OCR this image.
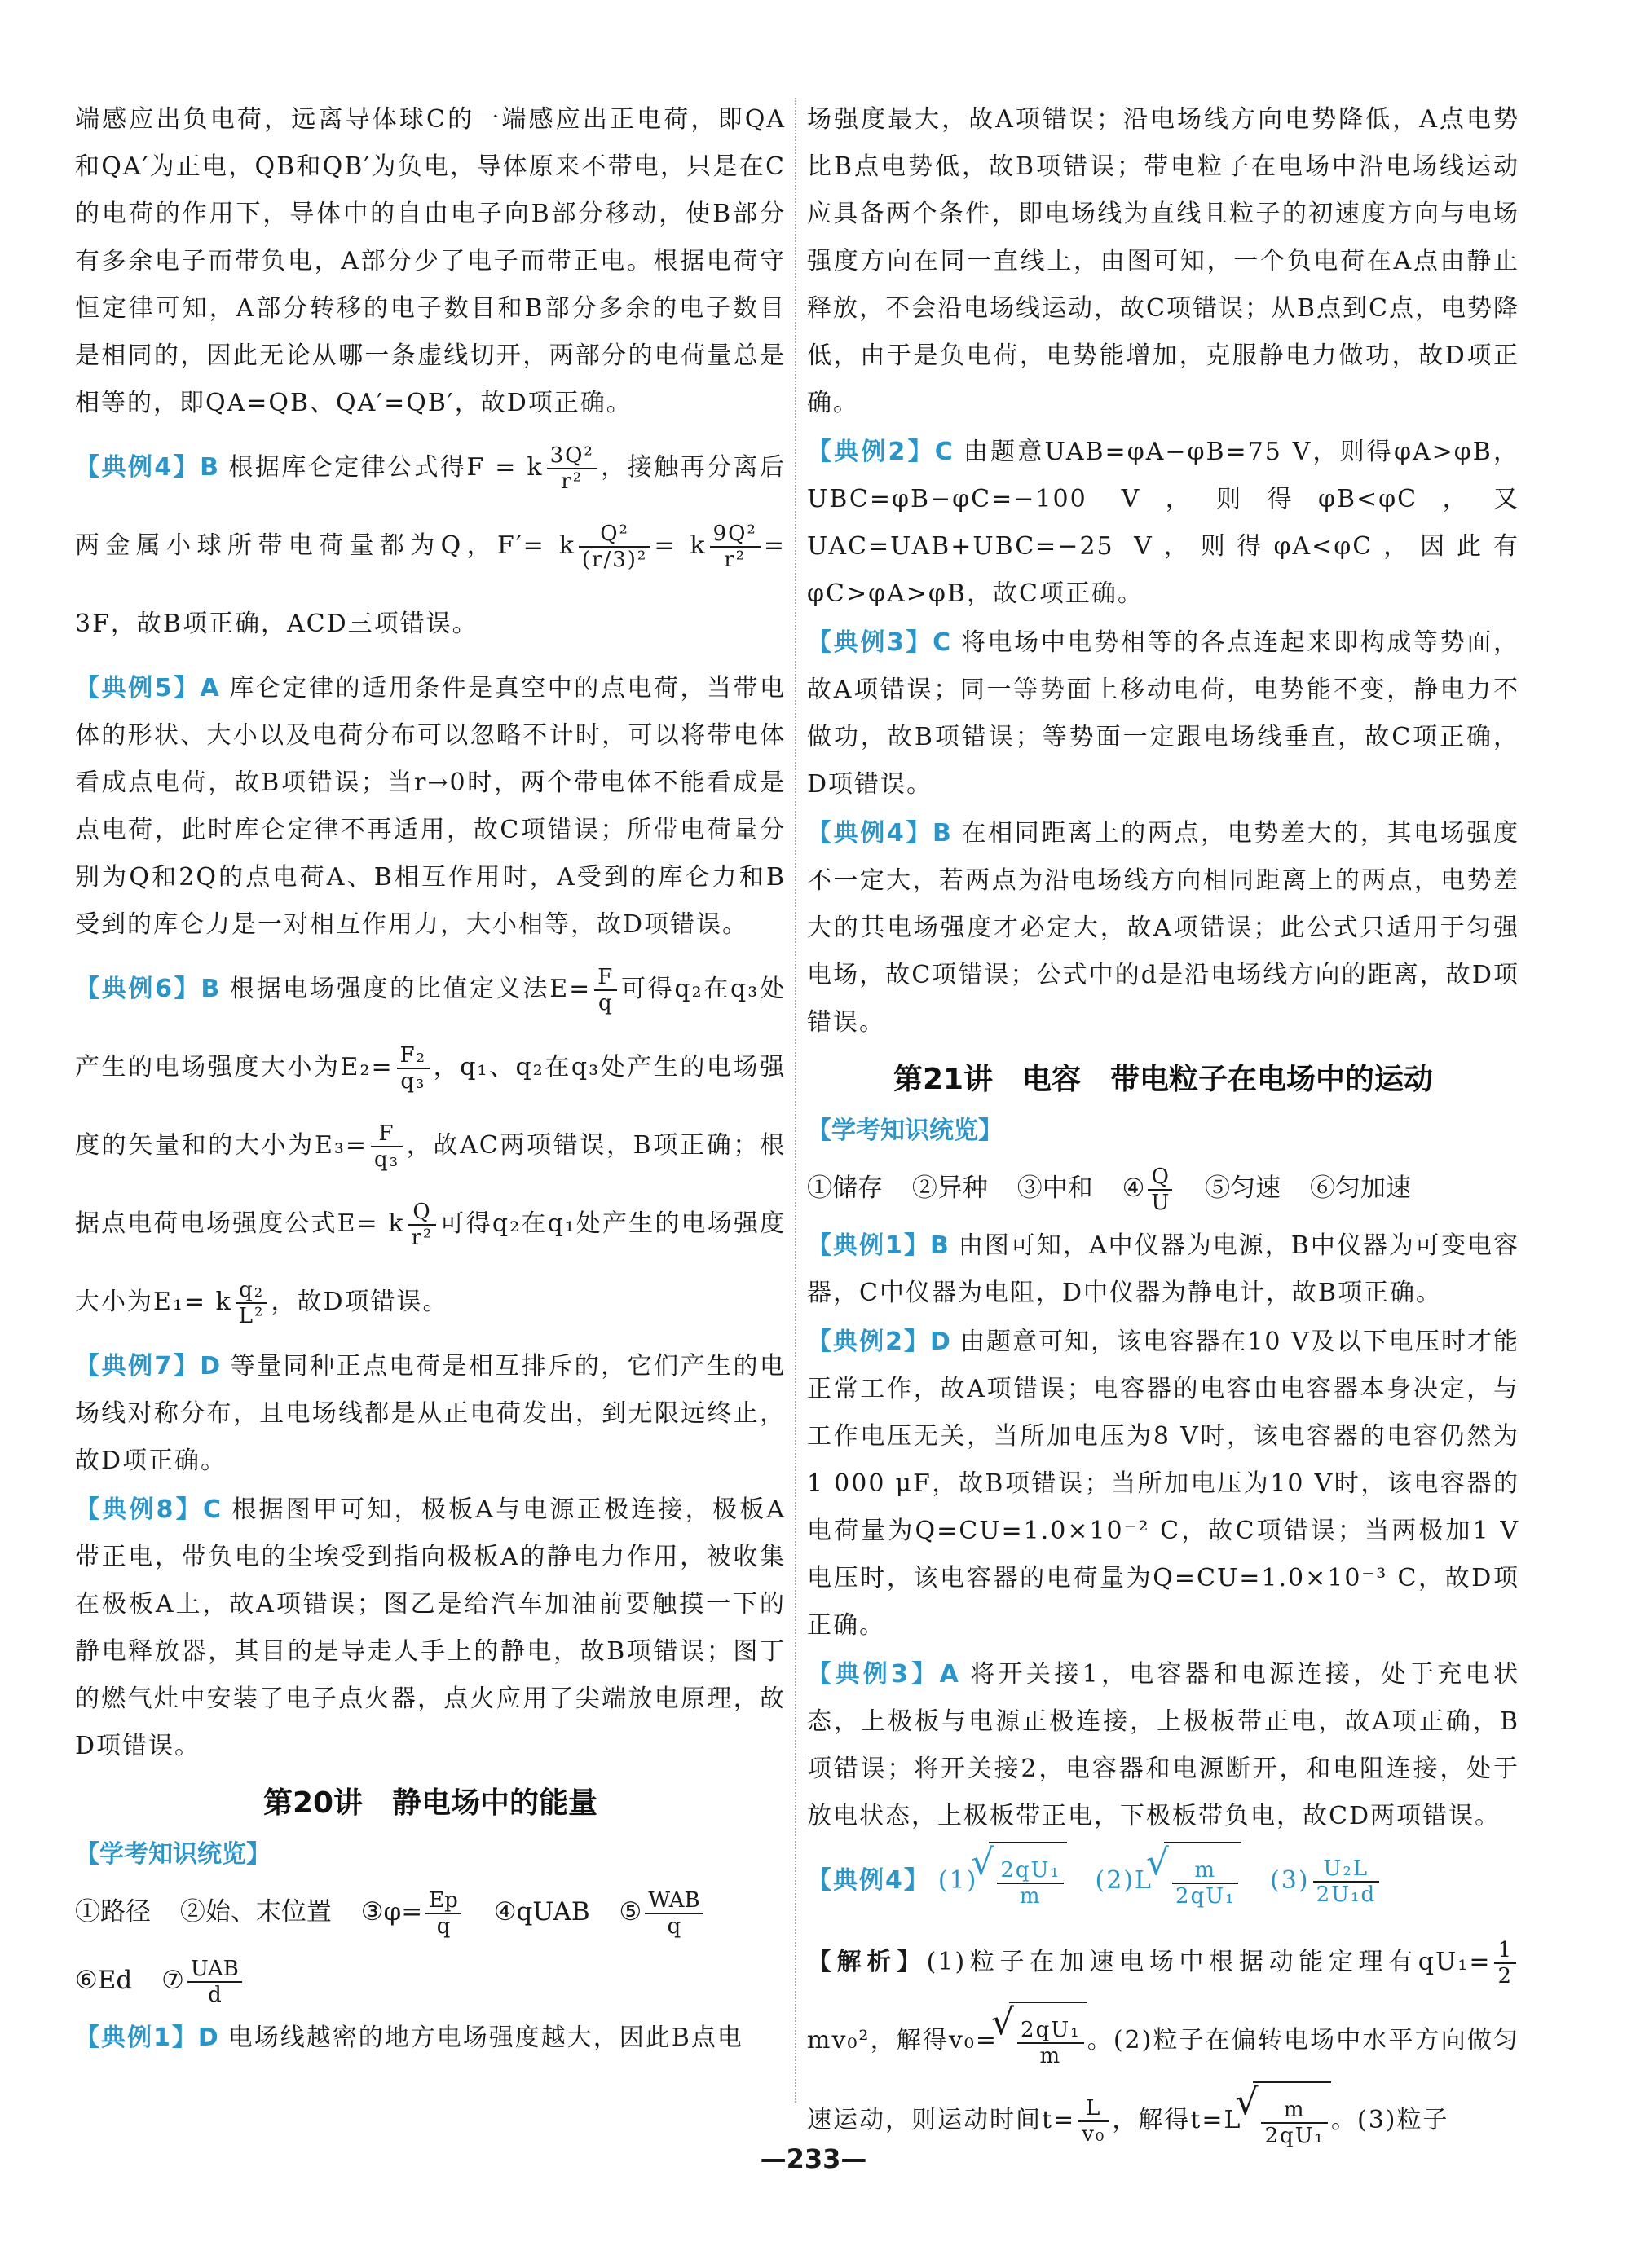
端感应出负电荷，远离导体球C的一端感应出正电荷，即QA和QA′为正电，QB和QB′为负电，导体原来不带电，只是在C的电荷的作用下，导体中的自由电子向B部分移动，使B部分有多余电子而带负电，A部分少了电子而带正电。根据电荷守恒定律可知，A部分转移的电子数目和B部分多余的电子数目是相同的，因此无论从哪一条虚线切开，两部分的电荷量总是相等的，即QA=QB、QA′=QB′，故D项正确。

【典例4】B 根据库仑定律公式得F = k $\frac{\text{3Q²}}{\text{r²}}$ ，接触再分离后两金属小球所带电荷量都为Q，F′= k $\frac{\text{Q²}}{\text{(r/3)²}} = k \frac{\text{9Q²}}{\text{r²}} = 3F$，故B项正确，ACD三项错误。

【典例5】A 库仑定律的适用条件是真空中的点电荷，当带电体的形状、大小以及电荷分布可以忽略不计时，可以将带电体看成点电荷，故B项错误；当r→0时，两个带电体不能看成是点电荷，此时库仑定律不再适用，故C项错误；所带电荷量分别为Q和2Q的点电荷A、B相互作用时，A受到的库仑力和B受到的库仑力是一对相互作用力，大小相等，故D项错误。

【典例6】B 根据电场强度的比值定义法$E= \frac{F}{q}$ 可得q₂在q₃处产生的电场强度大小为$E_2= \frac{\text{F₂}}{\text{q₃}}$ ，q₁、q₂在q₃处产生的电场强度的矢量和的大小为$E_3= \frac{F}{\text{q₃}}$ ，故AC两项错误，B项正确；根据点电荷电场强度公式E= k $\frac{Q}{\text{r²}}$ 可得q₂在q₁处产生的电场强度大小为E₁= k $\frac{\text{q₂}}{\text{L²}}$ ，故D项错误。

【典例7】D 等量同种正点电荷是相互排斥的，它们产生的电场线对称分布，且电场线都是从正电荷发出，到无限远终止，故D项正确。

【典例8】C 根据图甲可知，极板A与电源正极连接，极板A带正电，带负电的尘埃受到指向极板A的静电力作用，被收集在极板A上，故A项错误；图乙是给汽车加油前要触摸一下的静电释放器，其目的是导走人手上的静电，故B项错误；图丁的燃气灶中安装了电子点火器，点火应用了尖端放电原理，故D项错误。

第20讲　静电场中的能量
【学考知识统览】
①路径 ②始、末位置 ③φ= $\frac{Ep}{q}$ ④qUAB ⑤ $\frac{\text{WAB}}{q}$

⑥Ed ⑦ $\frac{\text{UAB}}{d}$

【典例1】D 电场线越密的地方电场强度越大，因此B点电

场强度最大，故A项错误；沿电场线方向电势降低，A点电势比B点电势低，故B项错误；带电粒子在电场中沿电场线运动应具备两个条件，即电场线为直线且粒子的初速度方向与电场强度方向在同一直线上，由图可知，一个负电荷在A点由静止释放，不会沿电场线运动，故C项错误；从B点到C点，电势降低，由于是负电荷，电势能增加，克服静电力做功，故D项正确。

【典例2】C 由题意UAB=φA−φB=75 V，则得φA>φB，UBC=φB−φC=−100 V，则得φB<φC，又UAC=UAB+UBC=−25 V，则得φA<φC，因此有φC>φA>φB，故C项正确。

【典例3】C 将电场中电势相等的各点连起来即构成等势面，故A项错误；同一等势面上移动电荷，电势能不变，静电力不做功，故B项错误；等势面一定跟电场线垂直，故C项正确，D项错误。

【典例4】B 在相同距离上的两点，电势差大的，其电场强度不一定大，若两点为沿电场线方向相同距离上的两点，电势差大的其电场强度才必定大，故A项错误；此公式只适用于匀强电场，故C项错误；公式中的d是沿电场线方向的距离，故D项错误。

第21讲　电容　带电粒子在电场中的运动
【学考知识统览】
①储存 ②异种 ③中和 ④ $\frac{Q}{U}$ ⑤匀速 ⑥匀加速

【典例1】B 由图可知，A中仪器为电源，B中仪器为可变电容器，C中仪器为电阻，D中仪器为静电计，故B项正确。

【典例2】D 由题意可知，该电容器在10 V及以下电压时才能正常工作，故A项错误；电容器的电容由电容器本身决定，与工作电压无关，当所加电压为8 V时，该电容器的电容仍然为1 000 μF，故B项错误；当所加电压为10 V时，该电容器的电荷量为Q=CU=1.0×10⁻² C，故C项错误；当两极加1 V电压时，该电容器的电荷量为Q=CU=1.0×10⁻³ C，故D项正确。

【典例3】A 将开关接1，电容器和电源连接，处于充电状态，上极板与电源正极连接，上极板带正电，故A项正确，B项错误；将开关接2，电容器和电源断开，和电阻连接，处于放电状态，上极板带正电，下极板带负电，故CD两项错误。

【典例4】 (1) √ $\frac{\text{2qU₁}}{m} (2)L$ √ $\frac{m}{\text{2qU₁}} (3) \frac{\text{U₂L}}{\text{2U₁d}}$

【解析】(1)粒子在加速电场中根据动能定理有$qU_1= \frac{1}{2}$
mv₀²，解得v₀= √ $\frac{\text{2qU₁}}{m}$ 。(2)粒子在偏转电场中水平方向做匀速运动，则运动时间$t= \frac{L}{\text{v₀}}$ ，解得t=L √ $\frac{m}{\text{2qU₁}}$ 。(3)粒子

—233—
